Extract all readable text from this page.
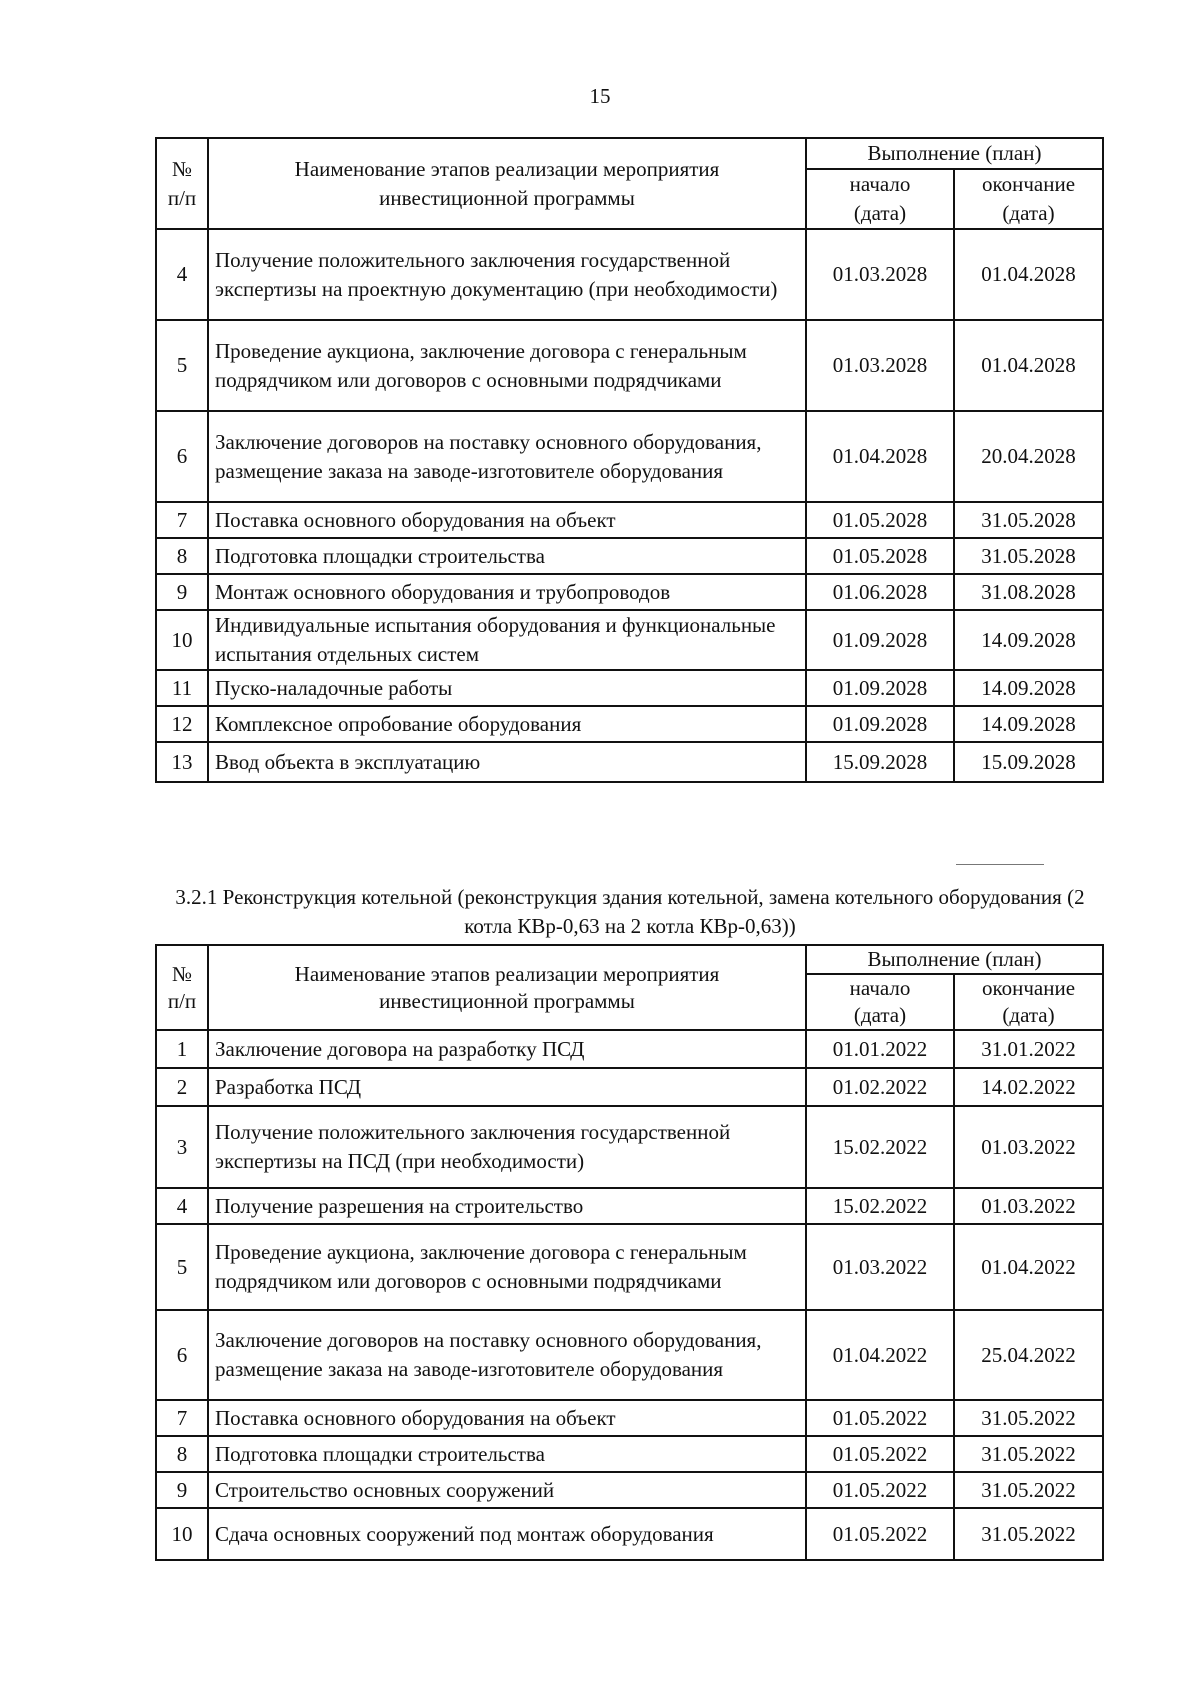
15
№ п/п	Наименование этапов реализации мероприятия инвестиционной программы	Выполнение (план)	
		начало (дата)	окончание (дата)
4	Получение положительного заключения государственной экспертизы на проектную документацию (при необходимости)	01.03.2028	01.04.2028
5	Проведение аукциона, заключение договора с генеральным подрядчиком или договоров с основными подрядчиками	01.03.2028	01.04.2028
6	Заключение договоров на поставку основного оборудования, размещение заказа на заводе-изготовителе оборудования	01.04.2028	20.04.2028
7	Поставка основного оборудования на объект	01.05.2028	31.05.2028
8	Подготовка площадки строительства	01.05.2028	31.05.2028
9	Монтаж основного оборудования и трубопроводов	01.06.2028	31.08.2028
10	Индивидуальные испытания оборудования и функциональные испытания отдельных систем	01.09.2028	14.09.2028
11	Пуско-наладочные работы	01.09.2028	14.09.2028
12	Комплексное опробование оборудования	01.09.2028	14.09.2028
13	Ввод объекта в эксплуатацию	15.09.2028	15.09.2028
3.2.1 Реконструкция котельной (реконструкция здания котельной, замена котельного оборудования (2 котла КВр-0,63 на 2 котла КВр-0,63))
№ п/п	Наименование этапов реализации мероприятия инвестиционной программы	Выполнение (план)	
		начало (дата)	окончание (дата)
1	Заключение договора на разработку ПСД	01.01.2022	31.01.2022
2	Разработка ПСД	01.02.2022	14.02.2022
3	Получение положительного заключения государственной экспертизы на ПСД (при необходимости)	15.02.2022	01.03.2022
4	Получение разрешения на строительство	15.02.2022	01.03.2022
5	Проведение аукциона, заключение договора с генеральным подрядчиком или договоров с основными подрядчиками	01.03.2022	01.04.2022
6	Заключение договоров на поставку основного оборудования, размещение заказа на заводе-изготовителе оборудования	01.04.2022	25.04.2022
7	Поставка основного оборудования на объект	01.05.2022	31.05.2022
8	Подготовка площадки строительства	01.05.2022	31.05.2022
9	Строительство основных сооружений	01.05.2022	31.05.2022
10	Сдача основных сооружений под монтаж оборудования	01.05.2022	31.05.2022
